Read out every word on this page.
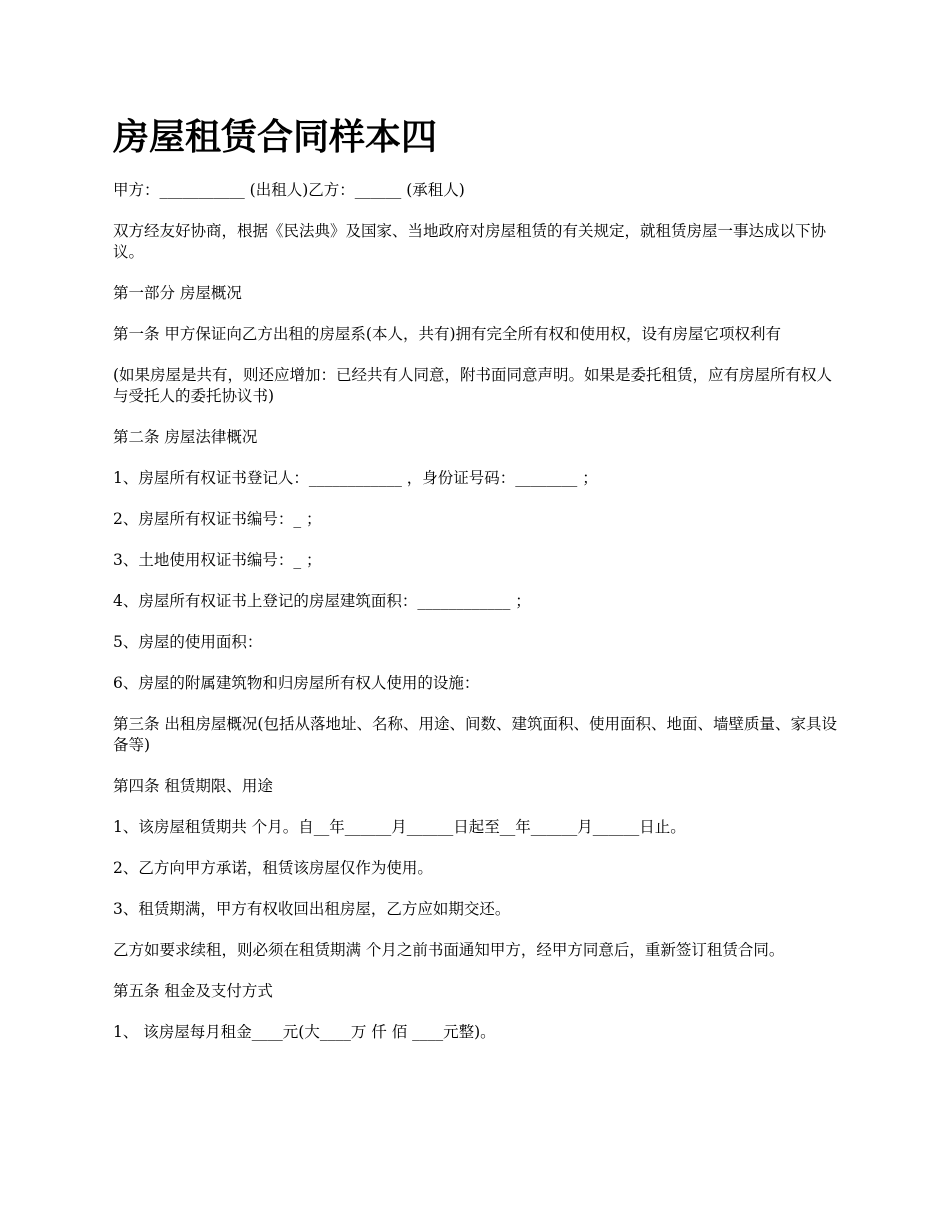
房屋租赁合同样本四

甲方：___________ (出租人)乙方：______ (承租人)

双方经友好协商，根据《民法典》及国家、当地政府对房屋租赁的有关规定，就租赁房屋一事达成以下协议。

第一部分 房屋概况

第一条 甲方保证向乙方出租的房屋系(本人，共有)拥有完全所有权和使用权，设有房屋它项权利有

(如果房屋是共有，则还应增加：已经共有人同意，附书面同意声明。如果是委托租赁，应有房屋所有权人与受托人的委托协议书)

第二条 房屋法律概况

1、房屋所有权证书登记人：____________ ，身份证号码：________ ；

2、房屋所有权证书编号：_ ；

3、土地使用权证书编号：_ ；

4、房屋所有权证书上登记的房屋建筑面积：____________ ；

5、房屋的使用面积：

6、房屋的附属建筑物和归房屋所有权人使用的设施：

第三条 出租房屋概况(包括从落地址、名称、用途、间数、建筑面积、使用面积、地面、墙壁质量、家具设备等)

第四条 租赁期限、用途

1、该房屋租赁期共 个月。自__年______月______日起至__年______月______日止。

2、乙方向甲方承诺，租赁该房屋仅作为使用。

3、租赁期满，甲方有权收回出租房屋，乙方应如期交还。

乙方如要求续租，则必须在租赁期满 个月之前书面通知甲方，经甲方同意后，重新签订租赁合同。

第五条 租金及支付方式

1、 该房屋每月租金____元(大____万 仟 佰 ____元整)。
